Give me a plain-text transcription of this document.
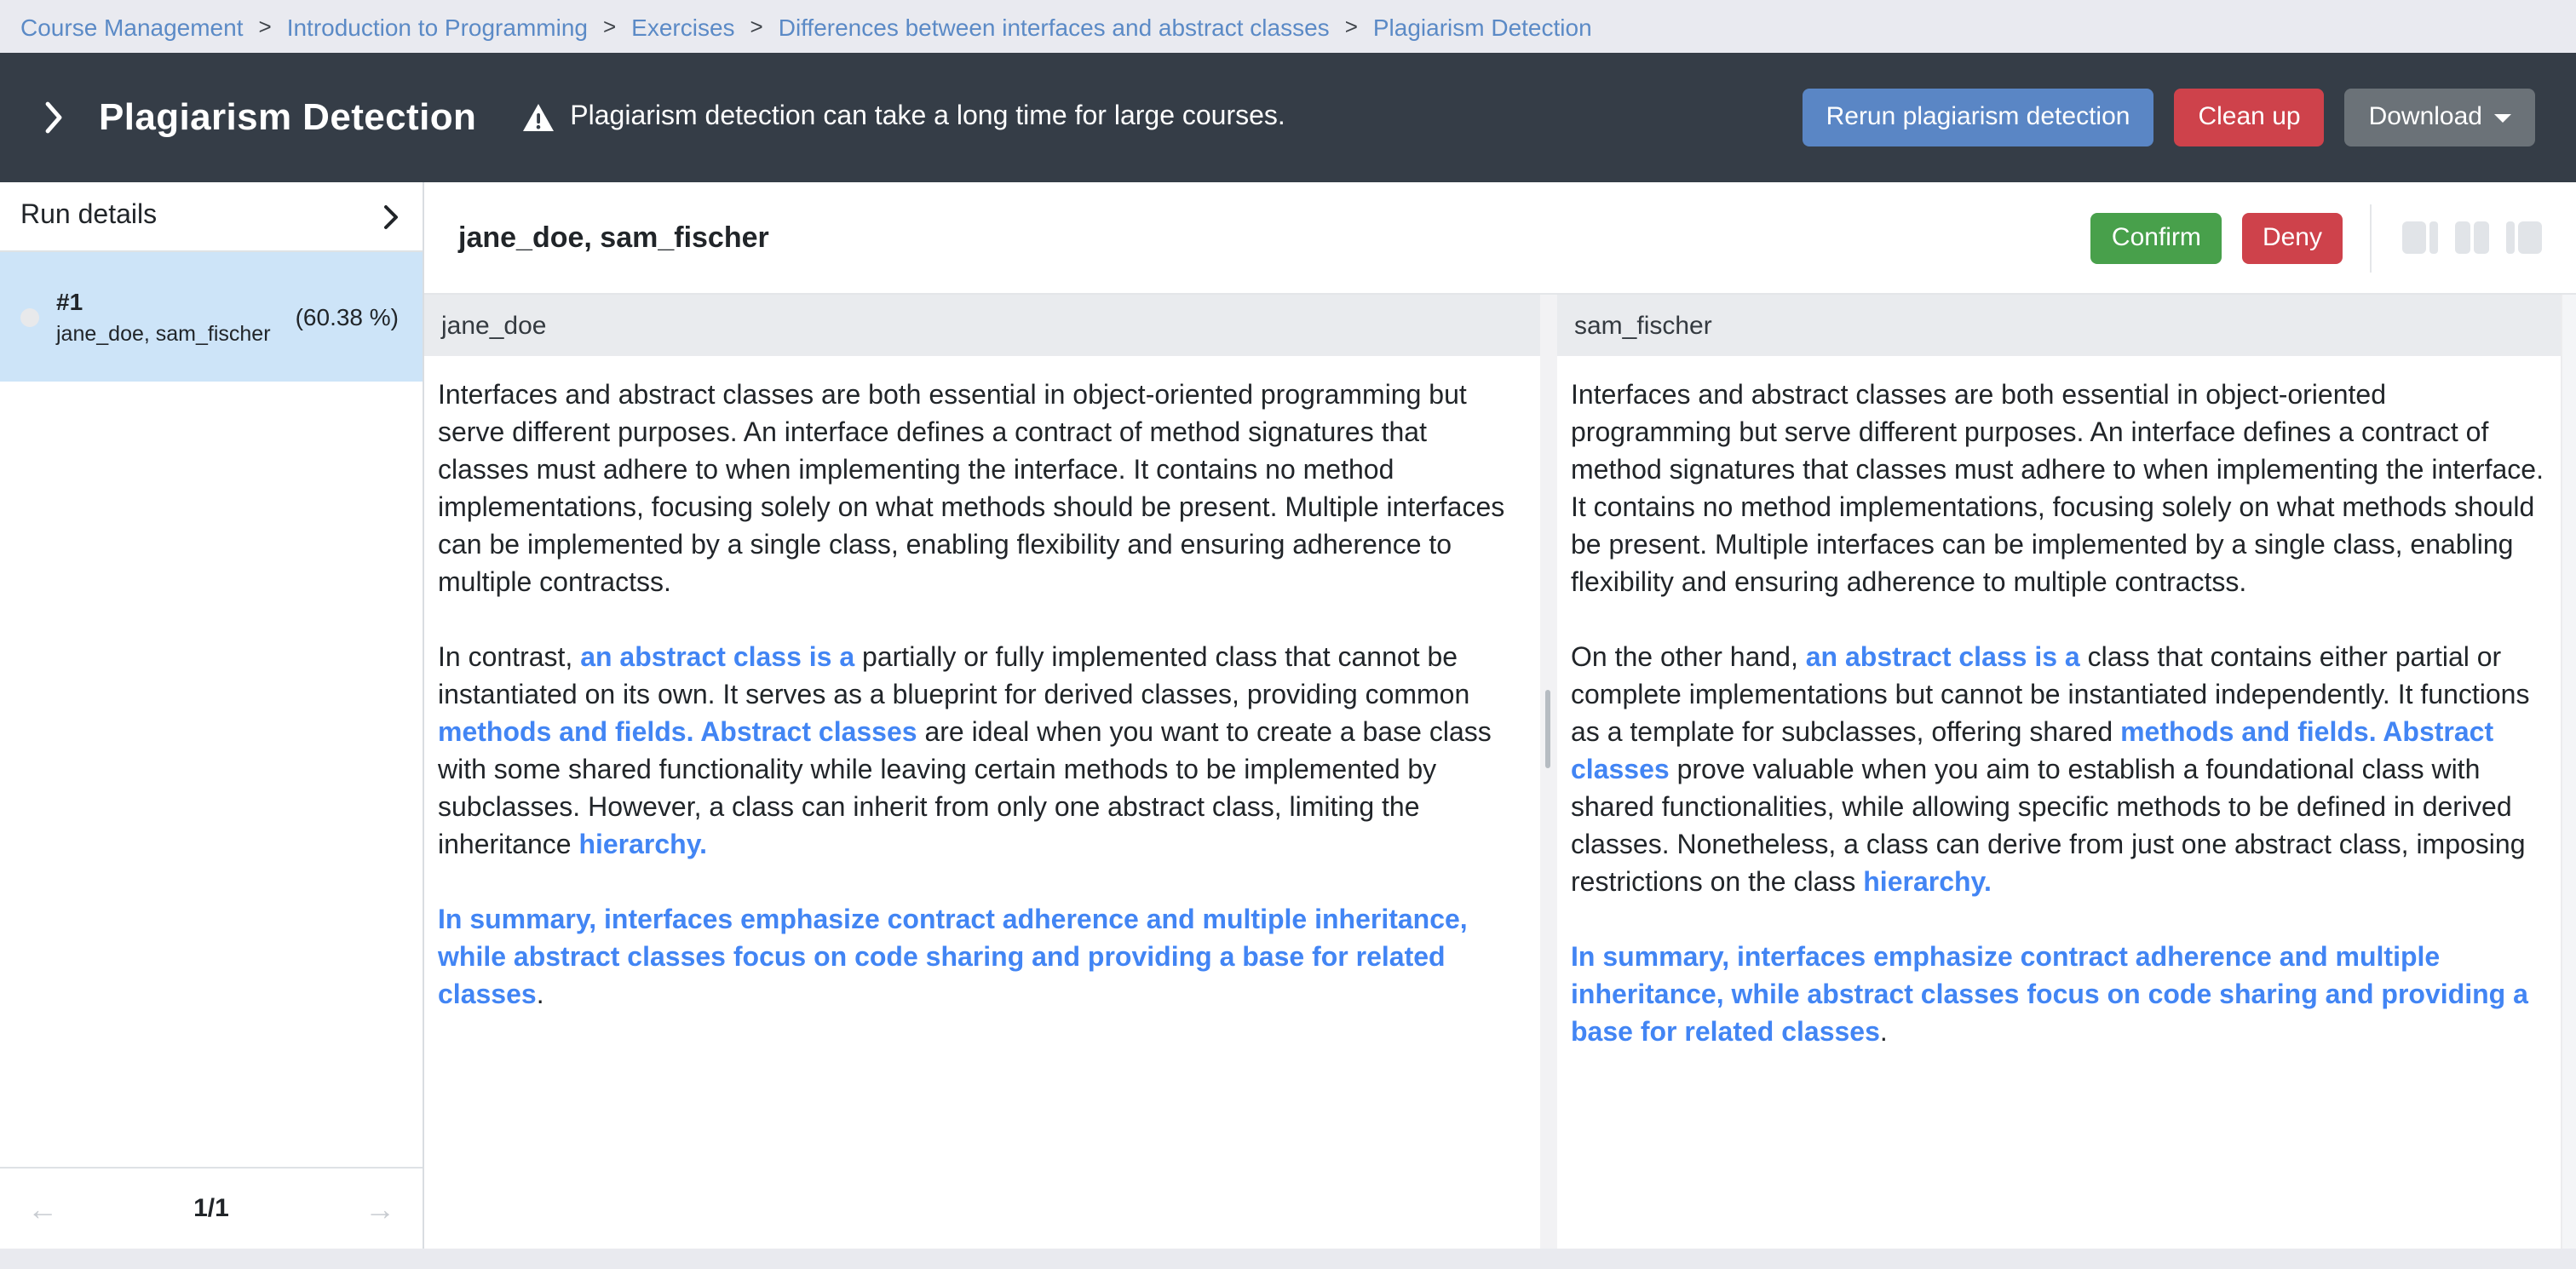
Course Management > Introduction to Programming > Exercises > Differences between interfaces and abstract classes > Plagiarism Detection
Plagiarism Detection	Plagiarism detection can take a long time for large courses.	Rerun plagiarism detection	Clean up	Download
Run details
#1
jane_doe, sam_fischer
(60.38 %)
←	1/1	→
jane_doe, sam_fischer	Confirm	Deny
jane_doe

Interfaces and abstract classes are both essential in object-oriented programming but serve different purposes. An interface defines a contract of method signatures that classes must adhere to when implementing the interface. It contains no method implementations, focusing solely on what methods should be present. Multiple interfaces can be implemented by a single class, enabling flexibility and ensuring adherence to multiple contractss.

In contrast, an abstract class is a partially or fully implemented class that cannot be instantiated on its own. It serves as a blueprint for derived classes, providing common methods and fields. Abstract classes are ideal when you want to create a base class with some shared functionality while leaving certain methods to be implemented by subclasses. However, a class can inherit from only one abstract class, limiting the inheritance hierarchy.

In summary, interfaces emphasize contract adherence and multiple inheritance, while abstract classes focus on code sharing and providing a base for related classes.

sam_fischer

Interfaces and abstract classes are both essential in object-oriented programming but serve different purposes. An interface defines a contract of method signatures that classes must adhere to when implementing the interface. It contains no method implementations, focusing solely on what methods should be present. Multiple interfaces can be implemented by a single class, enabling flexibility and ensuring adherence to multiple contractss.

On the other hand, an abstract class is a class that contains either partial or complete implementations but cannot be instantiated independently. It functions as a template for subclasses, offering shared methods and fields. Abstract classes prove valuable when you aim to establish a foundational class with shared functionalities, while allowing specific methods to be defined in derived classes. Nonetheless, a class can derive from just one abstract class, imposing restrictions on the class hierarchy.

In summary, interfaces emphasize contract adherence and multiple inheritance, while abstract classes focus on code sharing and providing a base for related classes.
